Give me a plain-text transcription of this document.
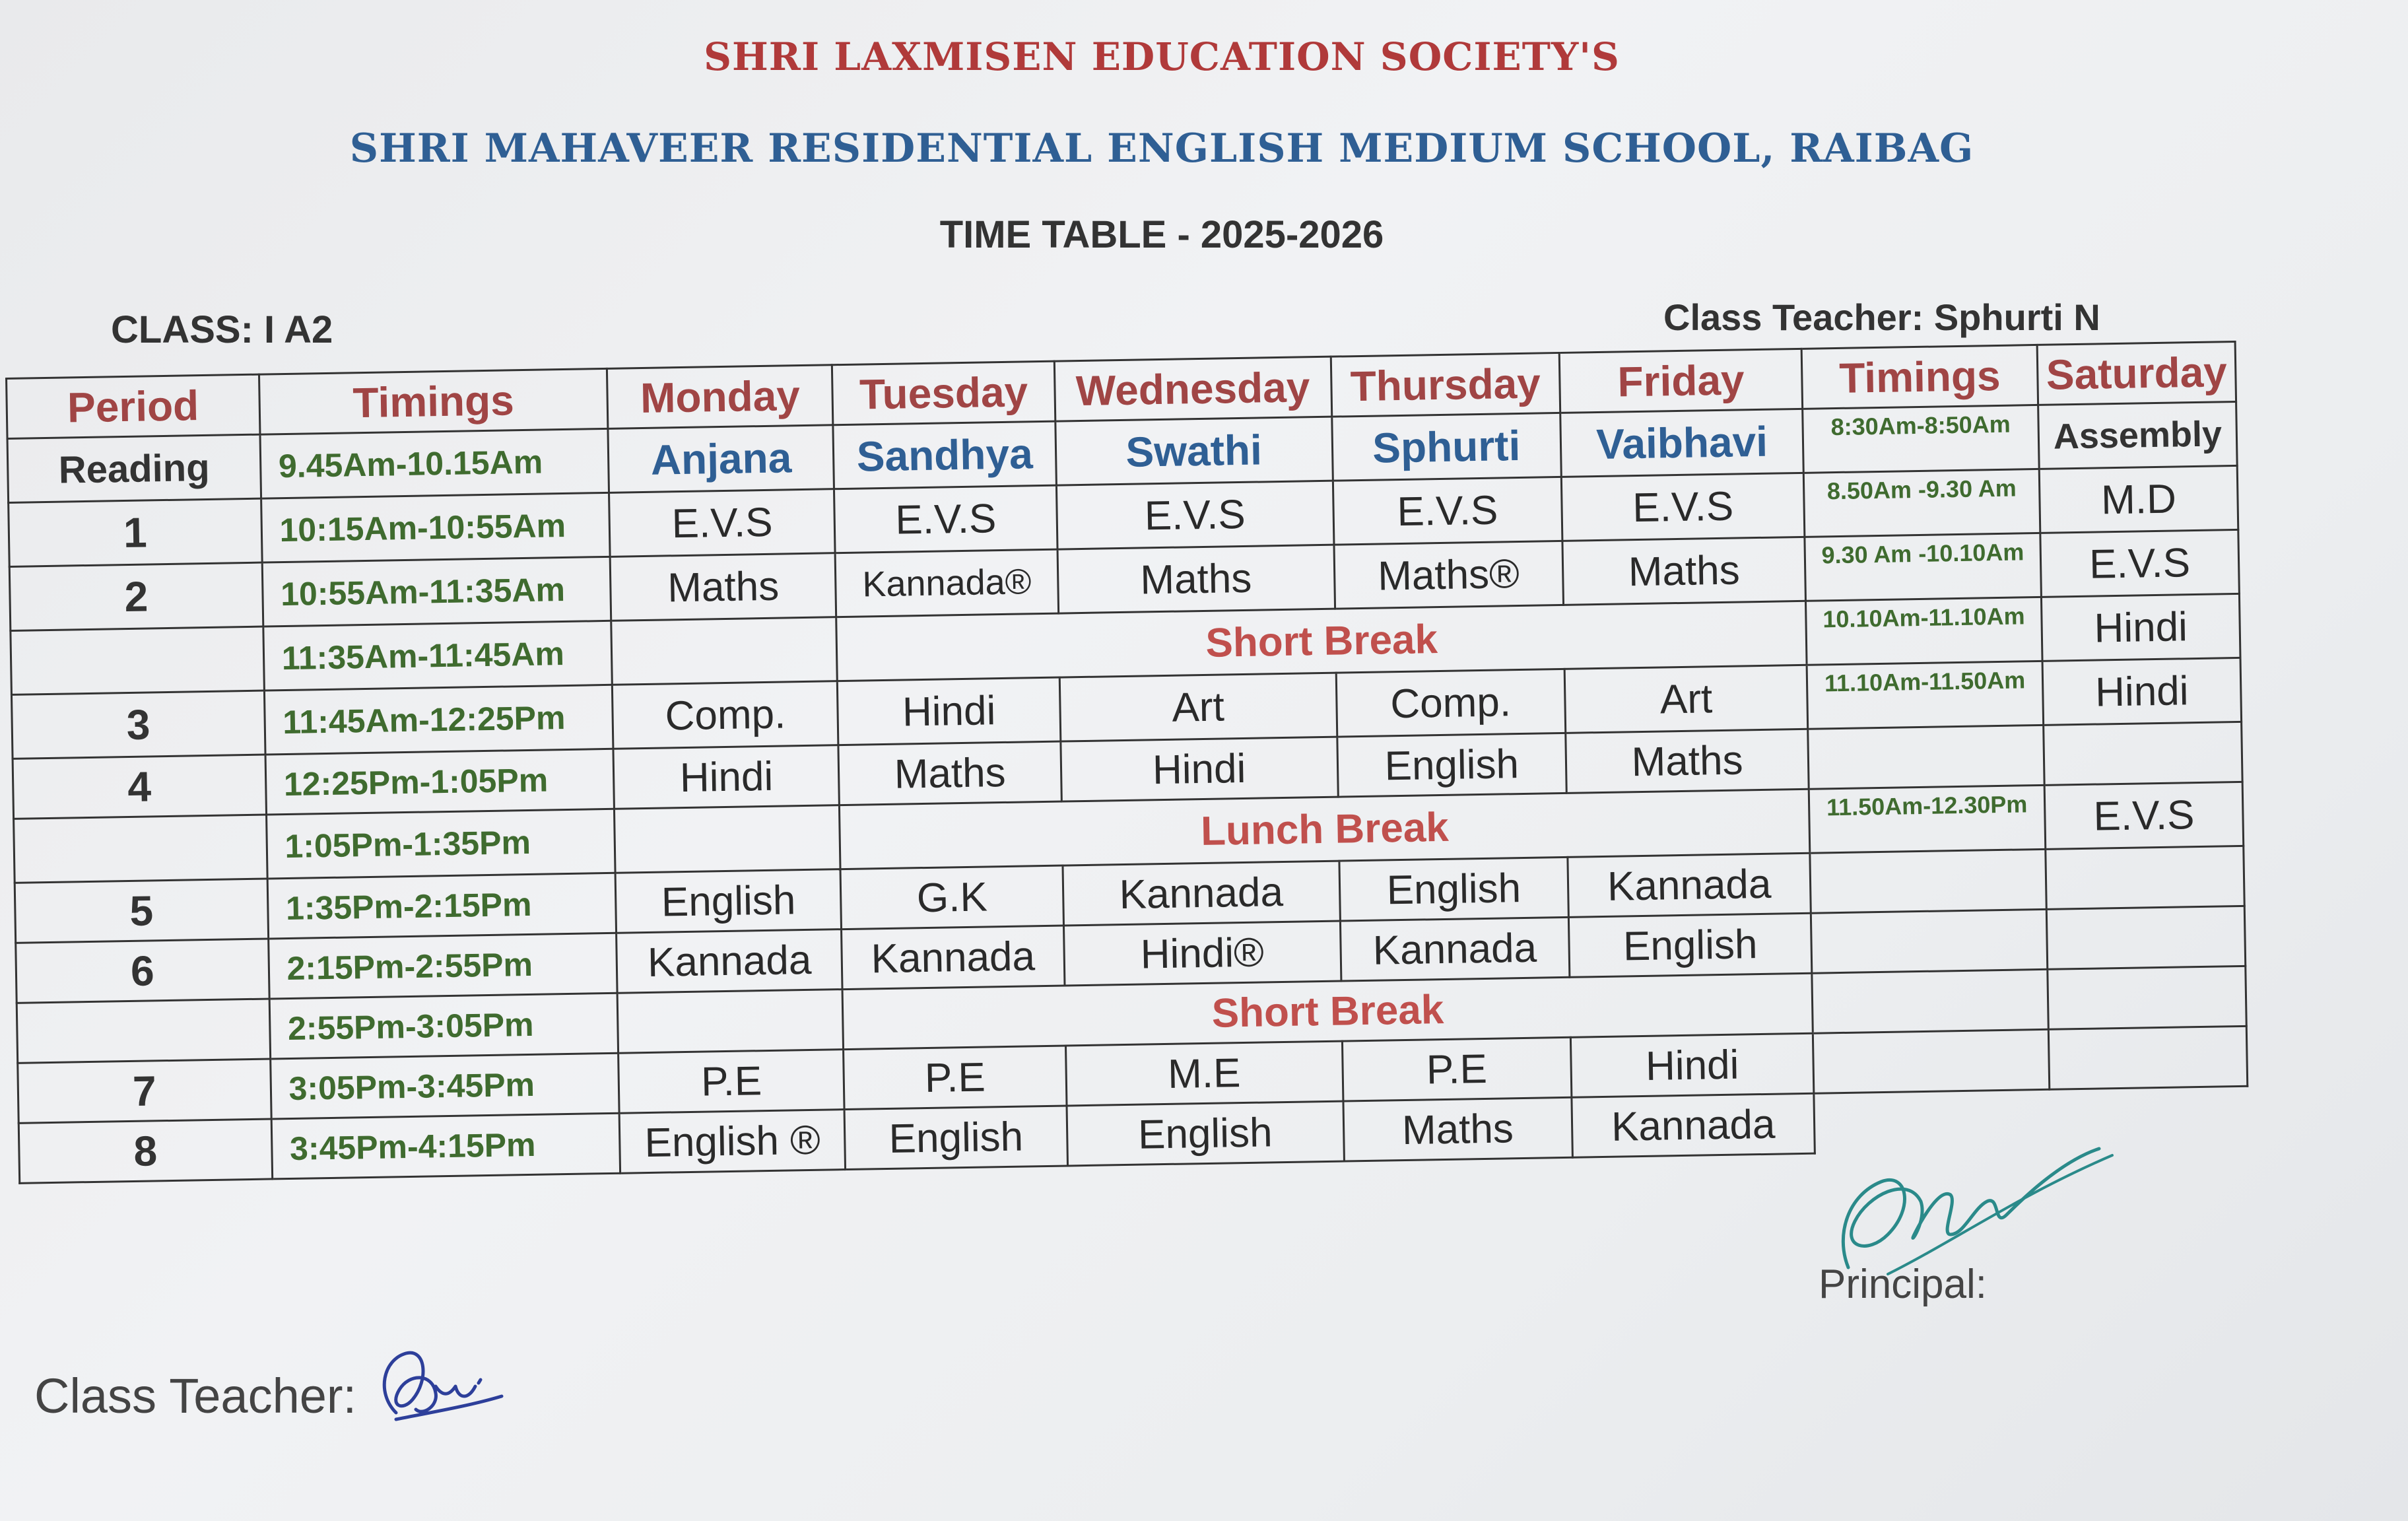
SHRI LAXMISEN EDUCATION SOCIETY'S
SHRI MAHAVEER RESIDENTIAL ENGLISH MEDIUM SCHOOL, RAIBAG
TIME TABLE - 2025-2026
CLASS: I A2	Class Teacher: Sphurti N
Period	Timings	Monday	Tuesday	Wednesday	Thursday	Friday	Timings	Saturday
Reading	9.45Am-10.15Am	Anjana	Sandhya	Swathi	Sphurti	Vaibhavi	8:30Am-8:50Am	Assembly
1	10:15Am-10:55Am	E.V.S	E.V.S	E.V.S	E.V.S	E.V.S	8.50Am -9.30 Am	M.D
2	10:55Am-11:35Am	Maths	Kannada®	Maths	Maths®	Maths	9.30 Am -10.10Am	E.V.S
	11:35Am-11:45Am		Short Break				10.10Am-11.10Am	Hindi
3	11:45Am-12:25Pm	Comp.	Hindi	Art	Comp.	Art	11.10Am-11.50Am	Hindi
4	12:25Pm-1:05Pm	Hindi	Maths	Hindi	English	Maths		
	1:05Pm-1:35Pm		Lunch Break				11.50Am-12.30Pm	E.V.S
5	1:35Pm-2:15Pm	English	G.K	Kannada	English	Kannada		
6	2:15Pm-2:55Pm	Kannada	Kannada	Hindi®	Kannada	English		
	2:55Pm-3:05Pm		Short Break					
7	3:05Pm-3:45Pm	P.E	P.E	M.E	P.E	Hindi		
8	3:45Pm-4:15Pm	English ®	English	English	Maths	Kannada		
Principal:
Class Teacher:
